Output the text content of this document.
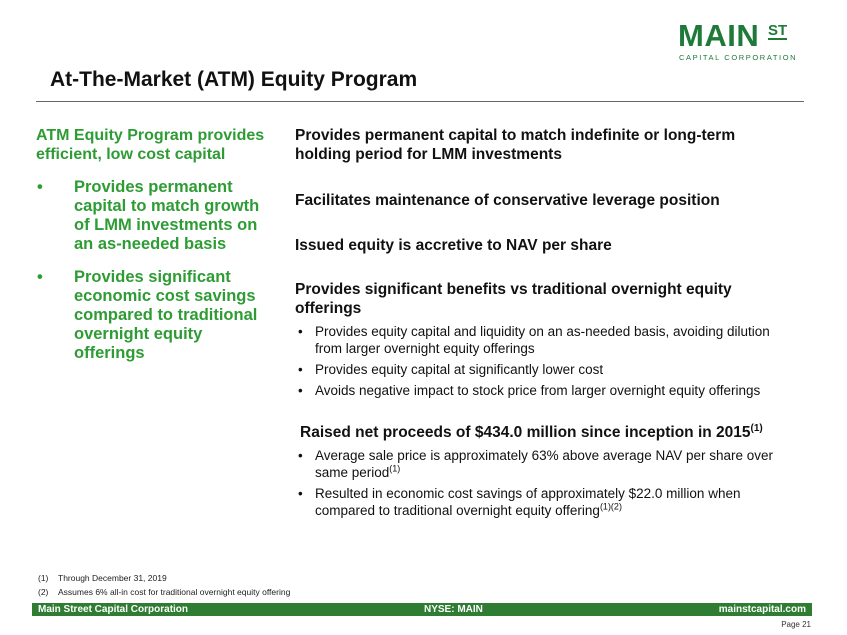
MAIN ST
CAPITAL CORPORATION
At-The-Market (ATM) Equity Program
ATM Equity Program provides efficient, low cost capital
• Provides permanent capital to match growth of LMM investments on an as-needed basis
• Provides significant economic cost savings compared to traditional overnight equity offerings
Provides permanent capital to match indefinite or long-term holding period for LMM investments
Facilitates maintenance of conservative leverage position
Issued equity is accretive to NAV per share
Provides significant benefits vs traditional overnight equity offerings
• Provides equity capital and liquidity on an as-needed basis, avoiding dilution from larger overnight equity offerings
• Provides equity capital at significantly lower cost
• Avoids negative impact to stock price from larger overnight equity offerings
Raised net proceeds of $434.0 million since inception in 2015$^{(1)}$
• Average sale price is approximately 63% above average NAV per share over same period$^{(1)}$
• Resulted in economic cost savings of approximately $22.0 million when compared to traditional overnight equity offering$^{(1)(2)}$
(1) Through December 31, 2019
(2) Assumes 6% all-in cost for traditional overnight equity offering
Main Street Capital Corporation	NYSE: MAIN	mainstcapital.com
Page 21
